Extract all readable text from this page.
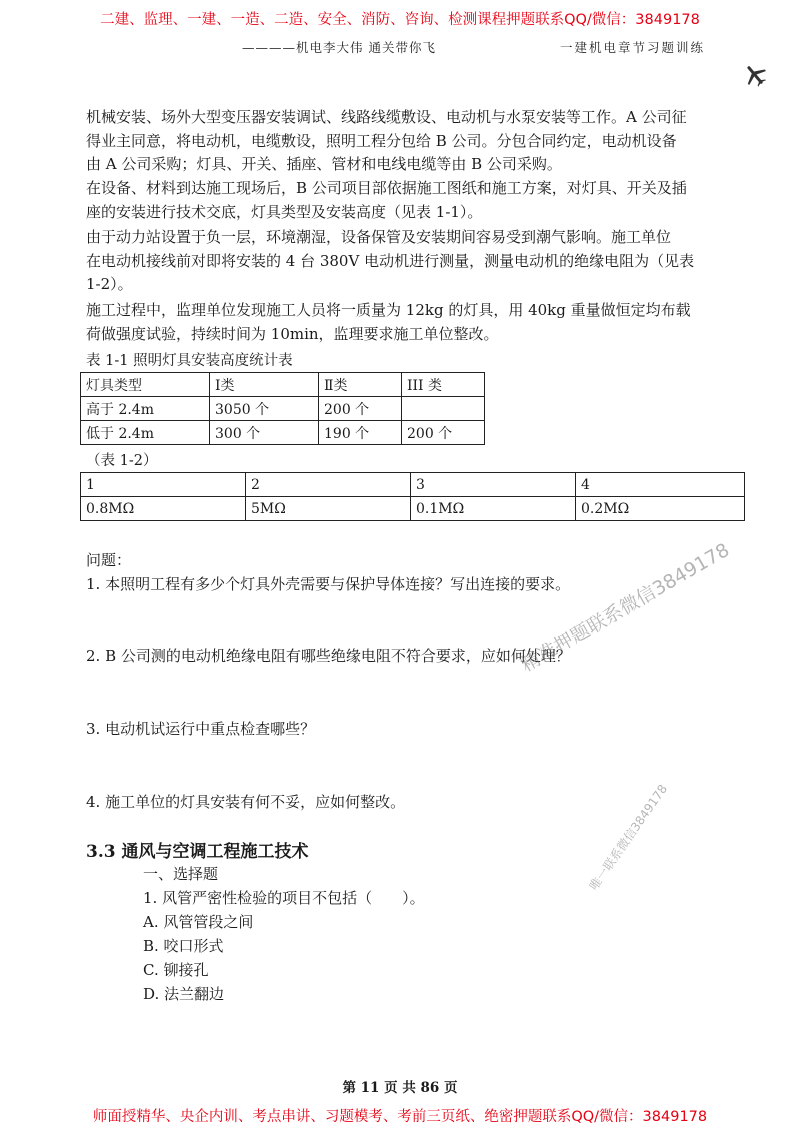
二建、监理、一建、一造、二造、安全、消防、咨询、检测课程押题联系QQ/微信：3849178
————机电李大伟 通关带你飞	一建机电章节习题训练
机械安装、场外大型变压器安装调试、线路线缆敷设、电动机与水泵安装等工作。A 公司征
得业主同意，将电动机，电缆敷设，照明工程分包给 B 公司。分包合同约定，电动机设备
由 A 公司采购；灯具、开关、插座、管材和电线电缆等由 B 公司采购。
在设备、材料到达施工现场后，B 公司项目部依据施工图纸和施工方案，对灯具、开关及插
座的安装进行技术交底，灯具类型及安装高度（见表 1-1）。
由于动力站设置于负一层，环境潮湿，设备保管及安装期间容易受到潮气影响。施工单位
在电动机接线前对即将安装的 4 台 380V 电动机进行测量，测量电动机的绝缘电阻为（见表
1-2）。
施工过程中，监理单位发现施工人员将一质量为 12kg 的灯具，用 40kg 重量做恒定均布载
荷做强度试验，持续时间为 10min，监理要求施工单位整改。
表 1-1 照明灯具安装高度统计表
灯具类型	Ⅰ类	Ⅱ类	III 类
高于 2.4m	3050 个	200 个	
低于 2.4m	300 个	190 个	200 个
（表 1-2）
1	2	3	4
0.8MΩ	5MΩ	0.1MΩ	0.2MΩ
问题：
1. 本照明工程有多少个灯具外壳需要与保护导体连接？写出连接的要求。
2. B 公司测的电动机绝缘电阻有哪些绝缘电阻不符合要求，应如何处理？
3. 电动机试运行中重点检查哪些？
4. 施工单位的灯具安装有何不妥，应如何整改。
3.3 通风与空调工程施工技术
一、选择题
1. 风管严密性检验的项目不包括（　　）。
A. 风管管段之间
B. 咬口形式
C. 铆接孔
D. 法兰翻边
精准押题联系微信3849178
唯一联系微信3849178
第 11 页 共 86 页
师面授精华、央企内训、考点串讲、习题模考、考前三页纸、绝密押题联系QQ/微信：3849178
